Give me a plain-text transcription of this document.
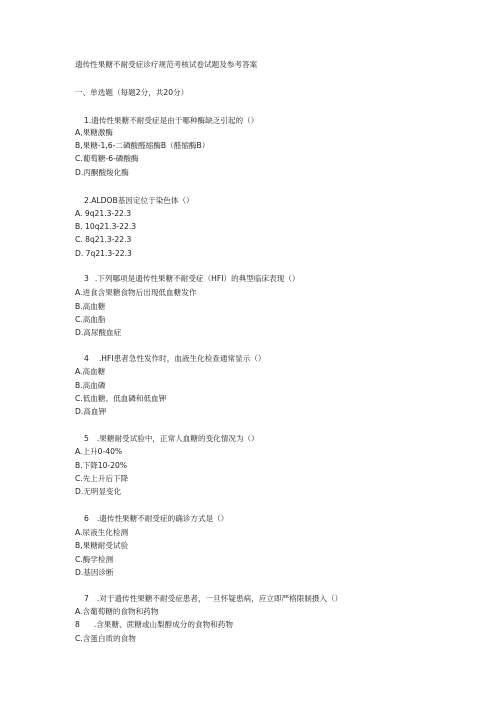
遗传性果糖不耐受症诊疗规范考核试卷试题及参考答案
一、单选题（每题2分，共20分）
1.遗传性果糖不耐受症是由于哪种酶缺乏引起的（）
A,果糖激酶
B,果糖-1,6-二磷酸醛缩酶B（醛缩酶B）
C.葡萄糖-6-磷酸酶
D.丙酮酸羧化酶
2.ALDOB基因定位于染色体（）
A. 9q21.3-22.3
B. 10q21.3-22.3
C. 8q21.3-22.3
D. 7q21.3-22.3
3 .下列哪项是遗传性果糖不耐受症（HFI）的典型临床表现（）
A.进食含果糖食物后出现低血糖发作
B.高血糖
C.高血脂
D.高尿酸血症
4 .HFI患者急性发作时，血液生化检查通常显示（）
A.高血糖
B.高血磷
C.低血糖、低血磷和低血钾
D.高血钾
5 .果糖耐受试验中，正常人血糖的变化情况为（）
A.上升0-40%
B.下降10-20%
C.先上升后下降
D.无明显变化
6 .遗传性果糖不耐受症的确诊方式是（）
A.尿液生化检测
B,果糖耐受试验
C.酶学检测
D.基因诊断
7 .对于遗传性果糖不耐受症患者，一旦怀疑患病，应立即严格限制摄入（）
A.含葡萄糖的食物和药物
8 .含果糖、蔗糖或山梨醇成分的食物和药物
C.含蛋白质的食物
